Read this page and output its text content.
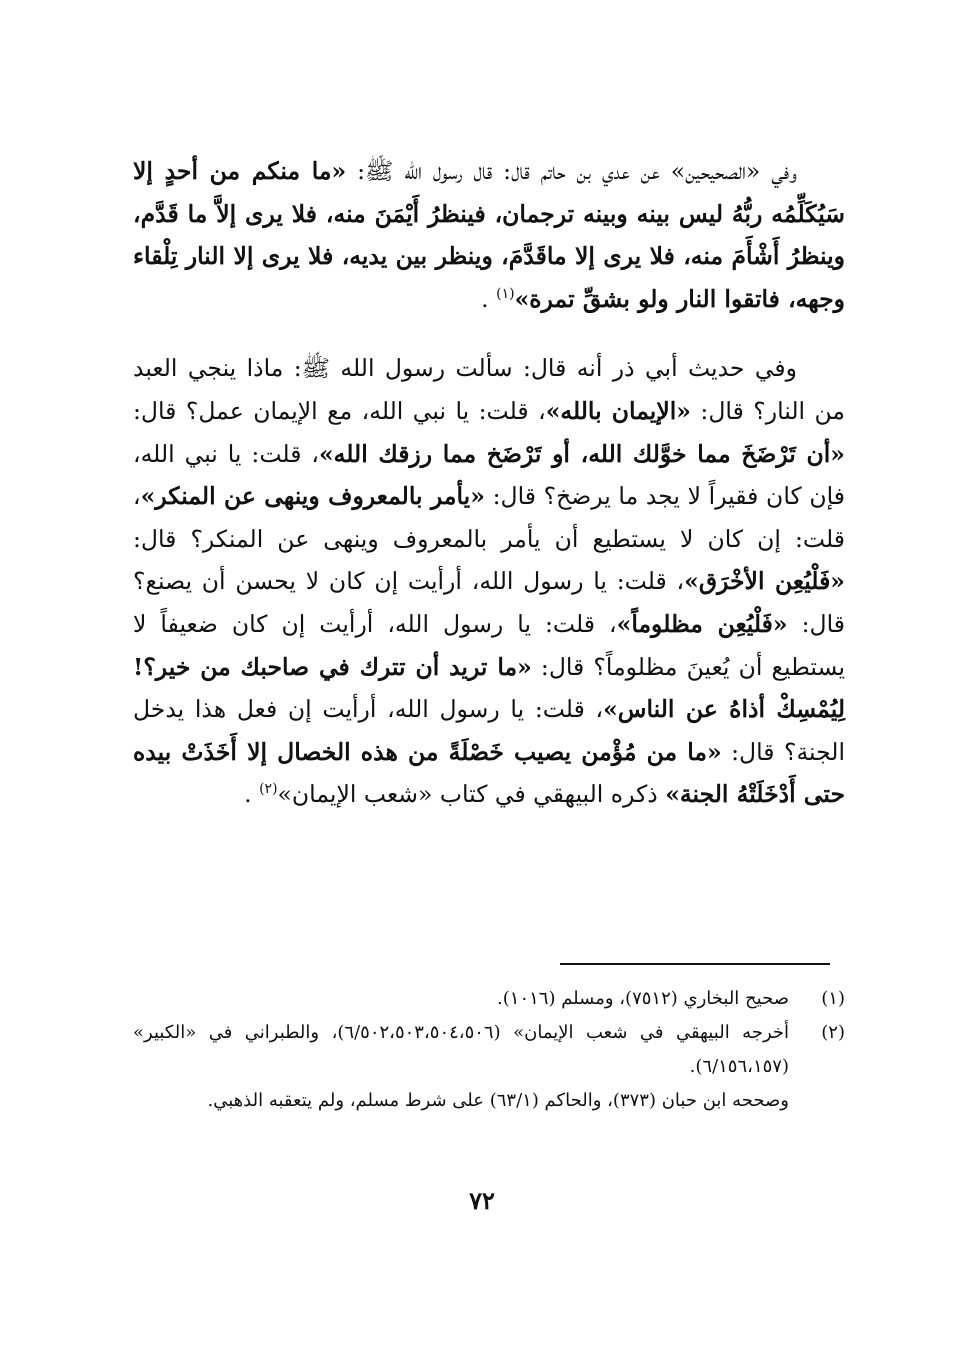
وفي «الصحيحين» عن عدي بن حاتم قال: قال رسول الله ﷺ: «ما منكم من أحدٍ إلا سَيُكَلِّمُه ربُّهُ ليس بينه وبينه ترجمان، فينظرُ أَيْمَنَ منه، فلا يرى إلاَّ ما قَدَّم، وينظرُ أَشْأَمَ منه، فلا يرى إلا ماقَدَّمَ، وينظر بين يديه، فلا يرى إلا النار تِلْقاء وجهه، فاتقوا النار ولو بشقِّ تمرة»$^{(١)}$ .

وفي حديث أبي ذر أنه قال: سألت رسول الله ﷺ: ماذا ينجي العبد من النار؟ قال: «الإيمان بالله»، قلت: يا نبي الله، مع الإيمان عمل؟ قال: «أن تَرْضَخَ مما خوَّلك الله، أو تَرْضَخ مما رزقك الله»، قلت: يا نبي الله، فإن كان فقيراً لا يجد ما يرضخ؟ قال: «يأمر بالمعروف وينهى عن المنكر»، قلت: إن كان لا يستطيع أن يأمر بالمعروف وينهى عن المنكر؟ قال: «فَلْيُعِن الأخْرَق»، قلت: يا رسول الله، أرأيت إن كان لا يحسن أن يصنع؟ قال: «فَلْيُعِن مظلوماً»، قلت: يا رسول الله، أرأيت إن كان ضعيفاً لا يستطيع أن يُعينَ مظلوماً؟ قال: «ما تريد أن تترك في صاحبك من خير؟! لِيُمْسِكْ أذاهُ عن الناس»، قلت: يا رسول الله، أرأيت إن فعل هذا يدخل الجنة؟ قال: «ما من مُؤْمن يصيب خَصْلَةً من هذه الخصال إلا أَخَذَتْ بيده حتى أَدْخَلَتْهُ الجنة» ذكره البيهقي في كتاب «شعب الإيمان»$^{(٢)}$ .

(١)
صحيح البخاري (٧٥١٢)، ومسلم (١٠١٦).
(٢)
أخرجه البيهقي في شعب الإيمان» (٦/٥٠٢،٥٠٣،٥٠٤،٥٠٦)، والطبراني في «الكبير» (٦/١٥٦،١٥٧).
وصححه ابن حبان (٣٧٣)، والحاكم (٦٣/١) على شرط مسلم، ولم يتعقبه الذهبي.
٧٢
